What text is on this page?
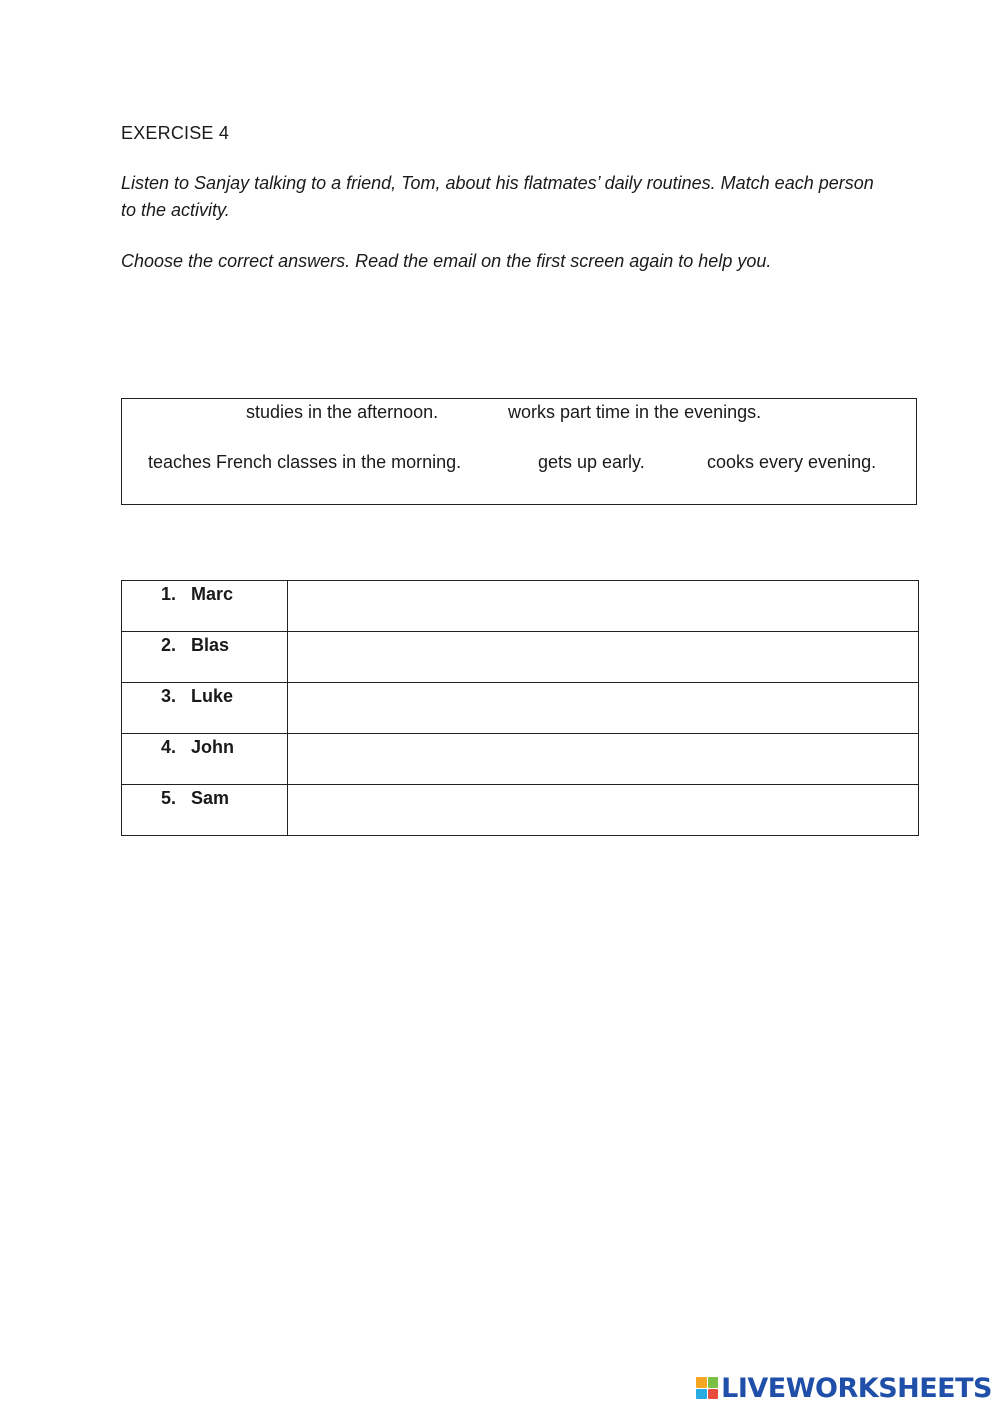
EXERCISE 4
Listen to Sanjay talking to a friend, Tom, about his flatmates’ daily routines. Match each person to the activity.
Choose the correct answers. Read the email on the first screen again to help you.
studies in the afternoon.	works part time in the evenings.
teaches French classes in the morning.	gets up early.	cooks every evening.
1. Marc	

2. Blas	

3. Luke	

4. John	

5. Sam	

LIVEWORKSHEETS
